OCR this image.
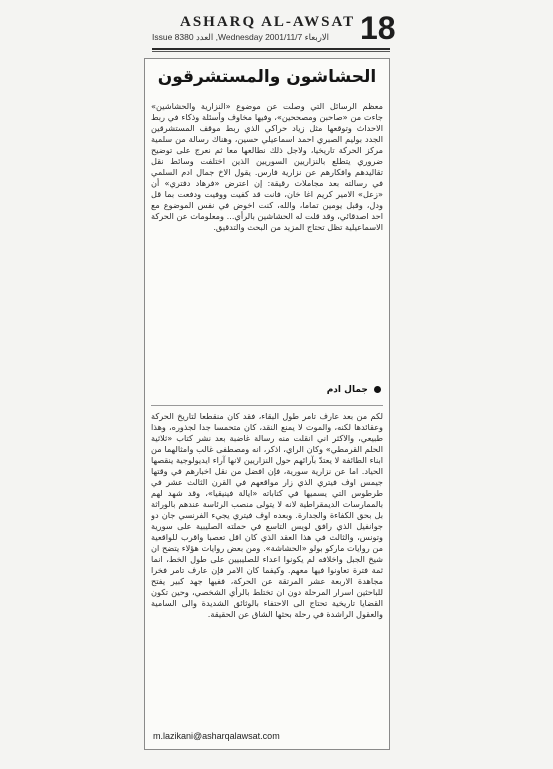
ASHARQ AL-AWSAT
Issue 8380 العدد ,Wednesday 2001/11/7 الاربعاء 18
الحشاشون والمستشرقون
معظم الرسائل التي وصلت عن موضوع «النزارية والحشاشين» جاءت من «صاحبن ومصححين»، وفيها مخاوف وأسئلة وذكاء في ربط الاحداث وتوقعها مثل زياد حراكي الذي ربط موقف المستشرقين الجدد بوليم الصبري احمد اسماعيلي حسين، وهناك رسالة من سلمية مركز الحركة تاريخيا، ولاجل ذلك نطالعها معا ثم نعرج على توضيح ضروري يتطلع بالنزاريين السوريين الذين اختلفت وسائط نقل تقاليدهم وافكارهم عن نزارية فارس. يقول الاخ جمال ادم السلمي في رسالته بعد مجاملات رقيقة: إن اعترض «فرهاد دفتري» أن «زعل» الامير كريم اغا خان، فانت قد كفيت ووفيت ودفعت بما قل ودل، وقبل يومين تماما، والله، كنت اخوض في نفس الموضوع مع احد اصدقائي، وقد قلت له الحشاشين بالرأي... ومعلومات عن الحركة الاسماعيلية تظل تحتاج المزيد من البحث والتدقيق.
جمال ادم
لكم من بعد عارف تامر طول البقاء، فقد كان منقطعا لتاريخ الحركة وعقائدها لكنه، والموت لا يمنع النقد، كان متحمسا جدا لجذوره، وهذا طبيعي، والاكثر اني انقلت منه رسالة غاضبة بعد نشر كتاب «ثلاثية الحلم القرمطي» وكان الراي، اذكر، انه ومصطفى غالب وامثالهما من ابناء الطائفة لا يعتدّ بآرائهم حول النزاريين لانها آراء ايديولوجية ينقصها الحياد. اما عن نزارية سورية، فإن افضل من نقل اخبارهم في وقتها جيمس اوف فيتري الذي زار مواقعهم في القرن الثالث عشر في طرطوس التي يسميها في كتاباته «ايالة فينيقيا»، وقد شهد لهم بالممارسات الديمقراطية لانه لا يتولى منصب الرئاسة عندهم بالوراثة بل بحق الكفاءة والجدارة. وبعده اوف فيتري يجيء الفرنسي جان دو جوانفيل الذي رافق لويس التاسع في حملته الصليبية على سورية وتونس، والثالث في هذا العقد الذي كان اقل تعصبا واقرب للواقعية من روايات ماركو بولو «الحشاشة». ومن بعض روايات هؤلاء يتضح ان شيخ الجبل واخلافه لم يكونوا اعداء للصليبيين على طول الخط، انما ثمة فترة تعاونوا فيها معهم. وكيفما كان الامر فإن عارف تامر فخرا مجاهدة الاربعة عشر المرتقة عن الحركة، ففيها جهد كبير يفتح للباحثين اسرار المرحلة دون ان تختلط بالرأي الشخصي، وحين تكون القضايا تاريخية تحتاج الى الاحتفاء بالوثائق الشديدة والى السامية والعقول الراشدة في رحلة بحثها الشاق عن الحقيقة.
m.lazikani@asharqalawsat.com
